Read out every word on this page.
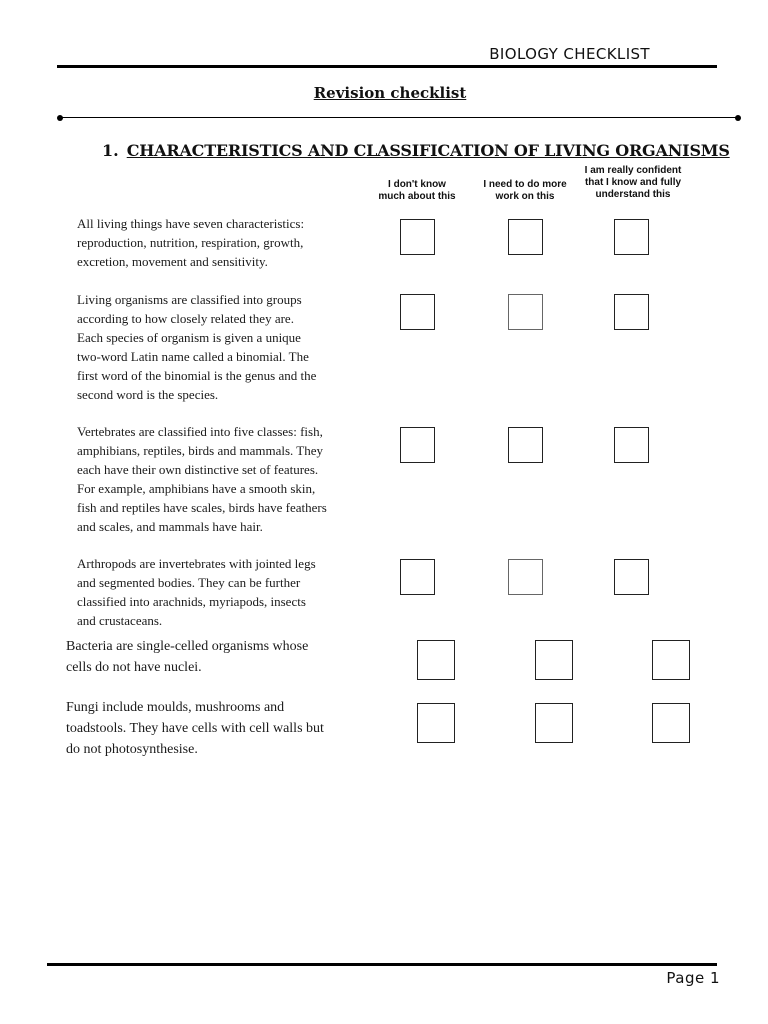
BIOLOGY CHECKLIST
Revision checklist
1. CHARACTERISTICS AND CLASSIFICATION OF LIVING ORGANISMS
I don't know
much about this
I need to do more
work on this
I am really confident
that I know and fully
understand this
All living things have seven characteristics:
reproduction, nutrition, respiration, growth,
excretion, movement and sensitivity.
Living organisms are classified into groups
according to how closely related they are.
Each species of organism is given a unique
two-word Latin name called a binomial. The
first word of the binomial is the genus and the
second word is the species.
Vertebrates are classified into five classes: fish,
amphibians, reptiles, birds and mammals. They
each have their own distinctive set of features.
For example, amphibians have a smooth skin,
fish and reptiles have scales, birds have feathers
and scales, and mammals have hair.
Arthropods are invertebrates with jointed legs
and segmented bodies. They can be further
classified into arachnids, myriapods, insects
and crustaceans.
Bacteria are single-celled organisms whose
cells do not have nuclei.
Fungi include moulds, mushrooms and
toadstools. They have cells with cell walls but
do not photosynthesise.
Page 1
